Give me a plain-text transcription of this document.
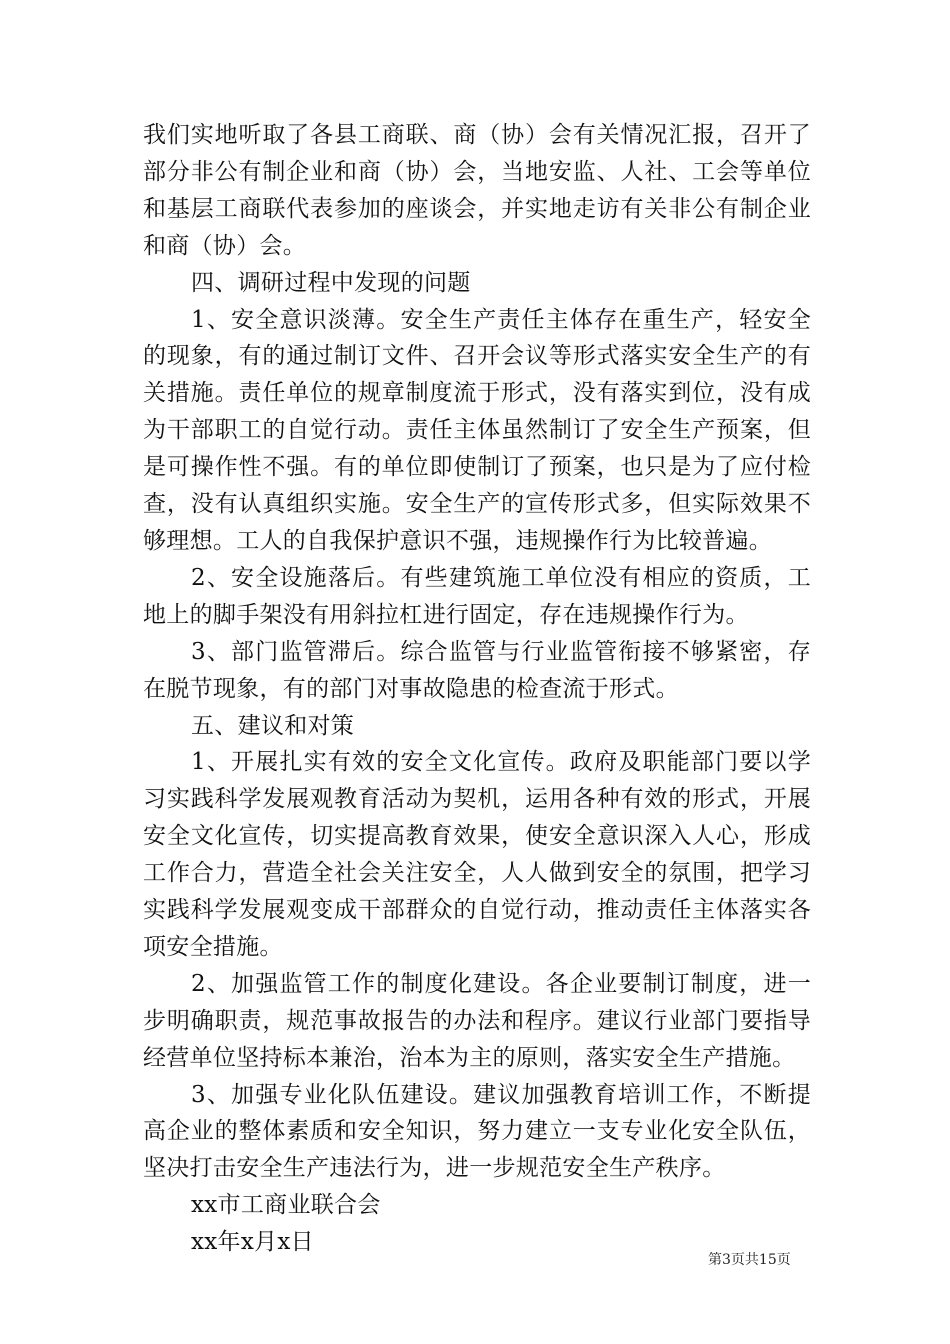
我们实地听取了各县工商联、商（协）会有关情况汇报，召开了部分非公有制企业和商（协）会，当地安监、人社、工会等单位和基层工商联代表参加的座谈会，并实地走访有关非公有制企业和商（协）会。

四、调研过程中发现的问题

1、安全意识淡薄。安全生产责任主体存在重生产，轻安全的现象，有的通过制订文件、召开会议等形式落实安全生产的有关措施。责任单位的规章制度流于形式，没有落实到位，没有成为干部职工的自觉行动。责任主体虽然制订了安全生产预案，但是可操作性不强。有的单位即使制订了预案，也只是为了应付检查，没有认真组织实施。安全生产的宣传形式多，但实际效果不够理想。工人的自我保护意识不强，违规操作行为比较普遍。

2、安全设施落后。有些建筑施工单位没有相应的资质，工地上的脚手架没有用斜拉杠进行固定，存在违规操作行为。

3、部门监管滞后。综合监管与行业监管衔接不够紧密，存在脱节现象，有的部门对事故隐患的检查流于形式。

五、建议和对策

1、开展扎实有效的安全文化宣传。政府及职能部门要以学习实践科学发展观教育活动为契机，运用各种有效的形式，开展安全文化宣传，切实提高教育效果，使安全意识深入人心，形成工作合力，营造全社会关注安全，人人做到安全的氛围，把学习实践科学发展观变成干部群众的自觉行动，推动责任主体落实各项安全措施。

2、加强监管工作的制度化建设。各企业要制订制度，进一步明确职责，规范事故报告的办法和程序。建议行业部门要指导经营单位坚持标本兼治，治本为主的原则，落实安全生产措施。

3、加强专业化队伍建设。建议加强教育培训工作，不断提高企业的整体素质和安全知识，努力建立一支专业化安全队伍，坚决打击安全生产违法行为，进一步规范安全生产秩序。

xx市工商业联合会

xx年x月x日

第3页共15页
